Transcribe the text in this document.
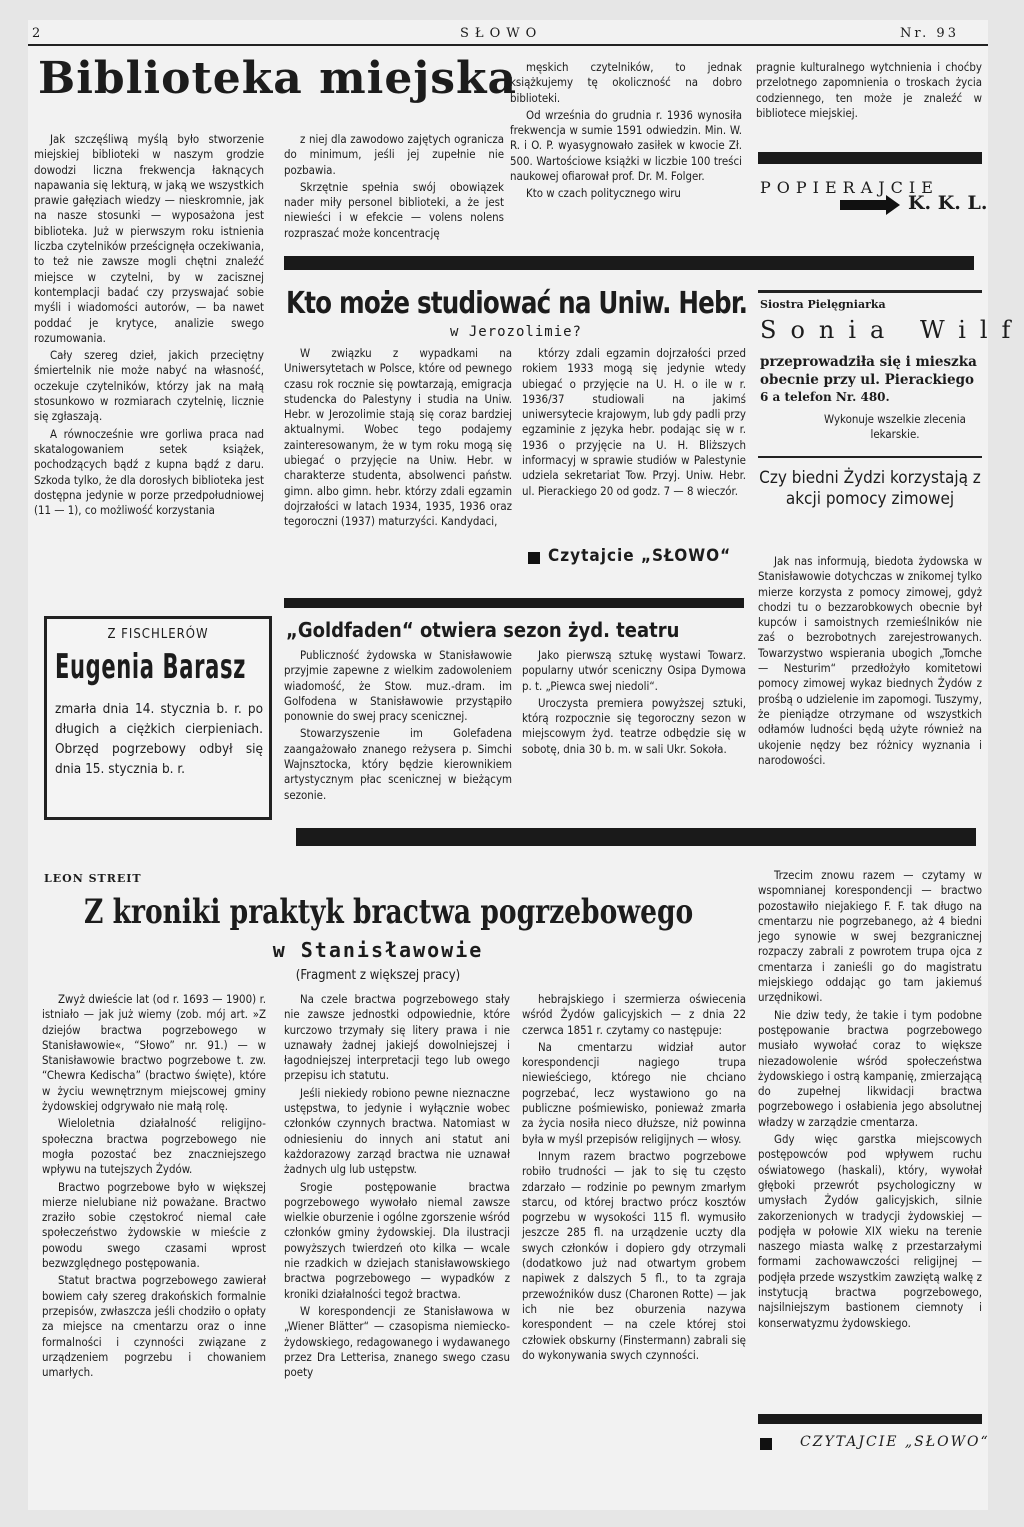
2	SŁOWO	Nr. 93
Biblioteka miejska

Jak szczęśliwą myślą było stworzenie miejskiej biblioteki w naszym grodzie dowodzi liczna frekwencja łaknących napawania się lekturą, w jaką we wszystkich prawie gałęziach wiedzy — nieskromnie, jak na nasze stosunki — wyposażona jest biblioteka. Już w pierwszym roku istnienia liczba czytelników prześcignęła oczekiwania, to też nie zawsze mogli chętni znaleźć miejsce w czytelni, by w zacisznej kontemplacji badać czy przyswajać sobie myśli i wiadomości autorów, — ba nawet poddać je krytyce, analizie swego rozumowania.

Cały szereg dzieł, jakich przeciętny śmiertelnik nie może nabyć na własność, oczekuje czytelników, którzy jak na małą stosunkowo w rozmiarach czytelnię, licznie się zgłaszają.

A równocześnie wre gorliwa praca nad skatalogowaniem setek książek, pochodzących bądź z kupna bądź z daru. Szkoda tylko, że dla dorosłych biblioteka jest dostępna jedynie w porze przedpołudniowej (11 — 1), co możliwość korzystania

z niej dla zawodowo zajętych ogranicza do minimum, jeśli jej zupełnie nie pozbawia.

Skrzętnie spełnia swój obowiązek nader miły personel biblioteki, a że jest niewieści i w efekcie — volens nolens rozpraszać może koncentrację

męskich czytelników, to jednak książkujemy tę okoliczność na dobro biblioteki.

Od września do grudnia r. 1936 wynosiła frekwencja w sumie 1591 odwiedzin. Min. W. R. i O. P. wyasygnowało zasiłek w kwocie Zł. 500. Wartościowe książki w liczbie 100 treści naukowej ofiarował prof. Dr. M. Folger.

Kto w czach politycznego wiru

pragnie kulturalnego wytchnienia i choćby przelotnego zapomnienia o troskach życia codziennego, ten może je znaleźć w bibliotece miejskiej.
POPIERAJCIE
K. K. L.
Kto może studiować na Uniw. Hebr.
w Jerozolimie?
W związku z wypadkami na Uniwersytetach w Polsce, które od pewnego czasu rok rocznie się powtarzają, emigracja studencka do Palestyny i studia na Uniw. Hebr. w Jerozolimie stają się coraz bardziej aktualnymi. Wobec tego podajemy zainteresowanym, że w tym roku mogą się ubiegać o przyjęcie na Uniw. Hebr. w charakterze studenta, absolwenci państw. gimn. albo gimn. hebr. którzy zdali egzamin dojrzałości w latach 1934, 1935, 1936 oraz tegoroczni (1937) maturzyści. Kandydaci,
którzy zdali egzamin dojrzałości przed rokiem 1933 mogą się jedynie wtedy ubiegać o przyjęcie na U. H. o ile w r. 1936/37 studiowali na jakimś uniwersytecie krajowym, lub gdy padli przy egzaminie z języka hebr. podając się w r. 1936 o przyjęcie na U. H. Bliższych informacyj w sprawie studiów w Palestynie udziela sekretariat Tow. Przyj. Uniw. Hebr. ul. Pierackiego 20 od godz. 7 — 8 wieczór.
Czytajcie „SŁOWO“
Siostra Pielęgniarka
Sonia Wilf
przeprowadziła się i mieszka
obecnie przy ul. Pierackiego
6 a telefon Nr. 480.
Wykonuje wszelkie zlecenia lekarskie.
Czy biedni Żydzi korzystają z akcji pomocy zimowej
Jak nas informują, biedota żydowska w Stanisławowie dotychczas w znikomej tylko mierze korzysta z pomocy zimowej, gdyż chodzi tu o bezzarobkowych obecnie był kupców i samoistnych rzemieślników nie zaś o bezrobotnych zarejestrowanych. Towarzystwo wspierania ubogich „Tomche — Nesturim“ przedłożyło komitetowi pomocy zimowej wykaz biednych Żydów z prośbą o udzielenie im zapomogi. Tuszymy, że pieniądze otrzymane od wszystkich odłamów ludności będą użyte również na ukojenie nędzy bez różnicy wyznania i narodowości.
Z FISCHLERÓW
Eugenia Barasz
zmarła dnia 14. stycznia b. r. po długich a ciężkich cierpieniach. Obrzęd pogrzebowy odbył się dnia 15. stycznia b. r.
„Goldfaden“ otwiera sezon żyd. teatru

Publiczność żydowska w Stanisławowie przyjmie zapewne z wielkim zadowoleniem wiadomość, że Stow. muz.-dram. im Golfodena w Stanisławowie przystąpiło ponownie do swej pracy scenicznej.

Stowarzyszenie im Golefadena zaangażowało znanego reżysera p. Simchi Wajnsztocka, który będzie kierownikiem artystycznym płac scenicznej w bieżącym sezonie.

Jako pierwszą sztukę wystawi Towarz. popularny utwór sceniczny Osipa Dymowa p. t. „Piewca swej niedoli“.

Uroczysta premiera powyższej sztuki, którą rozpocznie się tegoroczny sezon w miejscowym żyd. teatrze odbędzie się w sobotę, dnia 30 b. m. w sali Ukr. Sokoła.

LEON STREIT
Z kroniki praktyk bractwa pogrzebowego
w Stanisławowie
(Fragment z większej pracy)

Zwyż dwieście lat (od r. 1693 — 1900) r. istniało — jak już wiemy (zob. mój art. »Z dziejów bractwa pogrzebowego w Stanisławowie«, “Słowo” nr. 91.) — w Stanisławowie bractwo pogrzebowe t. zw. “Chewra Kedischa” (bractwo święte), które w życiu wewnętrznym miejscowej gminy żydowskiej odgrywało nie małą rolę.

Wieloletnia działalność religijno-społeczna bractwa pogrzebowego nie mogła pozostać bez znaczniejszego wpływu na tutejszych Żydów.

Bractwo pogrzebowe było w większej mierze nielubiane niż poważane. Bractwo zraziło sobie częstokroć niemal całe społeczeństwo żydowskie w mieście z powodu swego czasami wprost bezwzględnego postępowania.

Statut bractwa pogrzebowego zawierał bowiem cały szereg drakońskich formalnie przepisów, zwłaszcza jeśli chodziło o opłaty za miejsce na cmentarzu oraz o inne formalności i czynności związane z urządzeniem pogrzebu i chowaniem umarłych.

Na czele bractwa pogrzebowego stały nie zawsze jednostki odpowiednie, które kurczowo trzymały się litery prawa i nie uznawały żadnej jakiejś dowolniejszej i łagodniejszej interpretacji tego lub owego przepisu ich statutu.

Jeśli niekiedy robiono pewne nieznaczne ustępstwa, to jedynie i wyłącznie wobec członków czynnych bractwa. Natomiast w odniesieniu do innych ani statut ani każdorazowy zarząd bractwa nie uznawał żadnych ulg lub ustępstw.

Srogie postępowanie bractwa pogrzebowego wywołało niemal zawsze wielkie oburzenie i ogólne zgorszenie wśród członków gminy żydowskiej. Dla ilustracji powyższych twierdzeń oto kilka — wcale nie rzadkich w dziejach stanisławowskiego bractwa pogrzebowego — wypadków z kroniki działalności tegoż bractwa.

W korespondencji ze Stanisławowa w „Wiener Blätter“ — czasopisma niemiecko-żydowskiego, redagowanego i wydawanego przez Dra Letterisa, znanego swego czasu poety

hebrajskiego i szermierza oświecenia wśród Żydów galicyjskich — z dnia 22 czerwca 1851 r. czytamy co następuje:

Na cmentarzu widział autor korespondencji nagiego trupa niewieściego, którego nie chciano pogrzebać, lecz wystawiono go na publiczne pośmiewisko, ponieważ zmarła za życia nosiła nieco dłuższe, niż powinna była w myśl przepisów religijnych — włosy.

Innym razem bractwo pogrzebowe robiło trudności — jak to się tu często zdarzało — rodzinie po pewnym zmarłym starcu, od której bractwo prócz kosztów pogrzebu w wysokości 115 fl. wymusiło jeszcze 285 fl. na urządzenie uczty dla swych członków i dopiero gdy otrzymali (dodatkowo już nad otwartym grobem napiwek z dalszych 5 fl., to ta zgraja przewoźników dusz (Charonen Rotte) — jak ich nie bez oburzenia nazywa korespondent — na czele której stoi człowiek obskurny (Finstermann) zabrali się do wykonywania swych czynności.

Trzecim znowu razem — czytamy w wspomnianej korespondencji — bractwo pozostawiło niejakiego F. F. tak długo na cmentarzu nie pogrzebanego, aż 4 biedni jego synowie w swej bezgranicznej rozpaczy zabrali z powrotem trupa ojca z cmentarza i zanieśli go do magistratu miejskiego oddając go tam jakiemuś urzędnikowi.

Nie dziw tedy, że takie i tym podobne postępowanie bractwa pogrzebowego musiało wywołać coraz to większe niezadowolenie wśród społeczeństwa żydowskiego i ostrą kampanię, zmierzającą do zupełnej likwidacji bractwa pogrzebowego i osłabienia jego absolutnej władzy w zarządzie cmentarza.

Gdy więc garstka miejscowych postępowców pod wpływem ruchu oświatowego (haskali), który, wywołał głęboki przewrót psychologiczny w umysłach Żydów galicyjskich, silnie zakorzenionych w tradycji żydowskiej — podjęła w połowie XIX wieku na terenie naszego miasta walkę z przestarzałymi formami zachowawczości religijnej — podjęła przede wszystkim zawziętą walkę z instytucją bractwa pogrzebowego, najsilniejszym bastionem ciemnoty i konserwatyzmu żydowskiego.

CZYTAJCIE „SŁOWO“
